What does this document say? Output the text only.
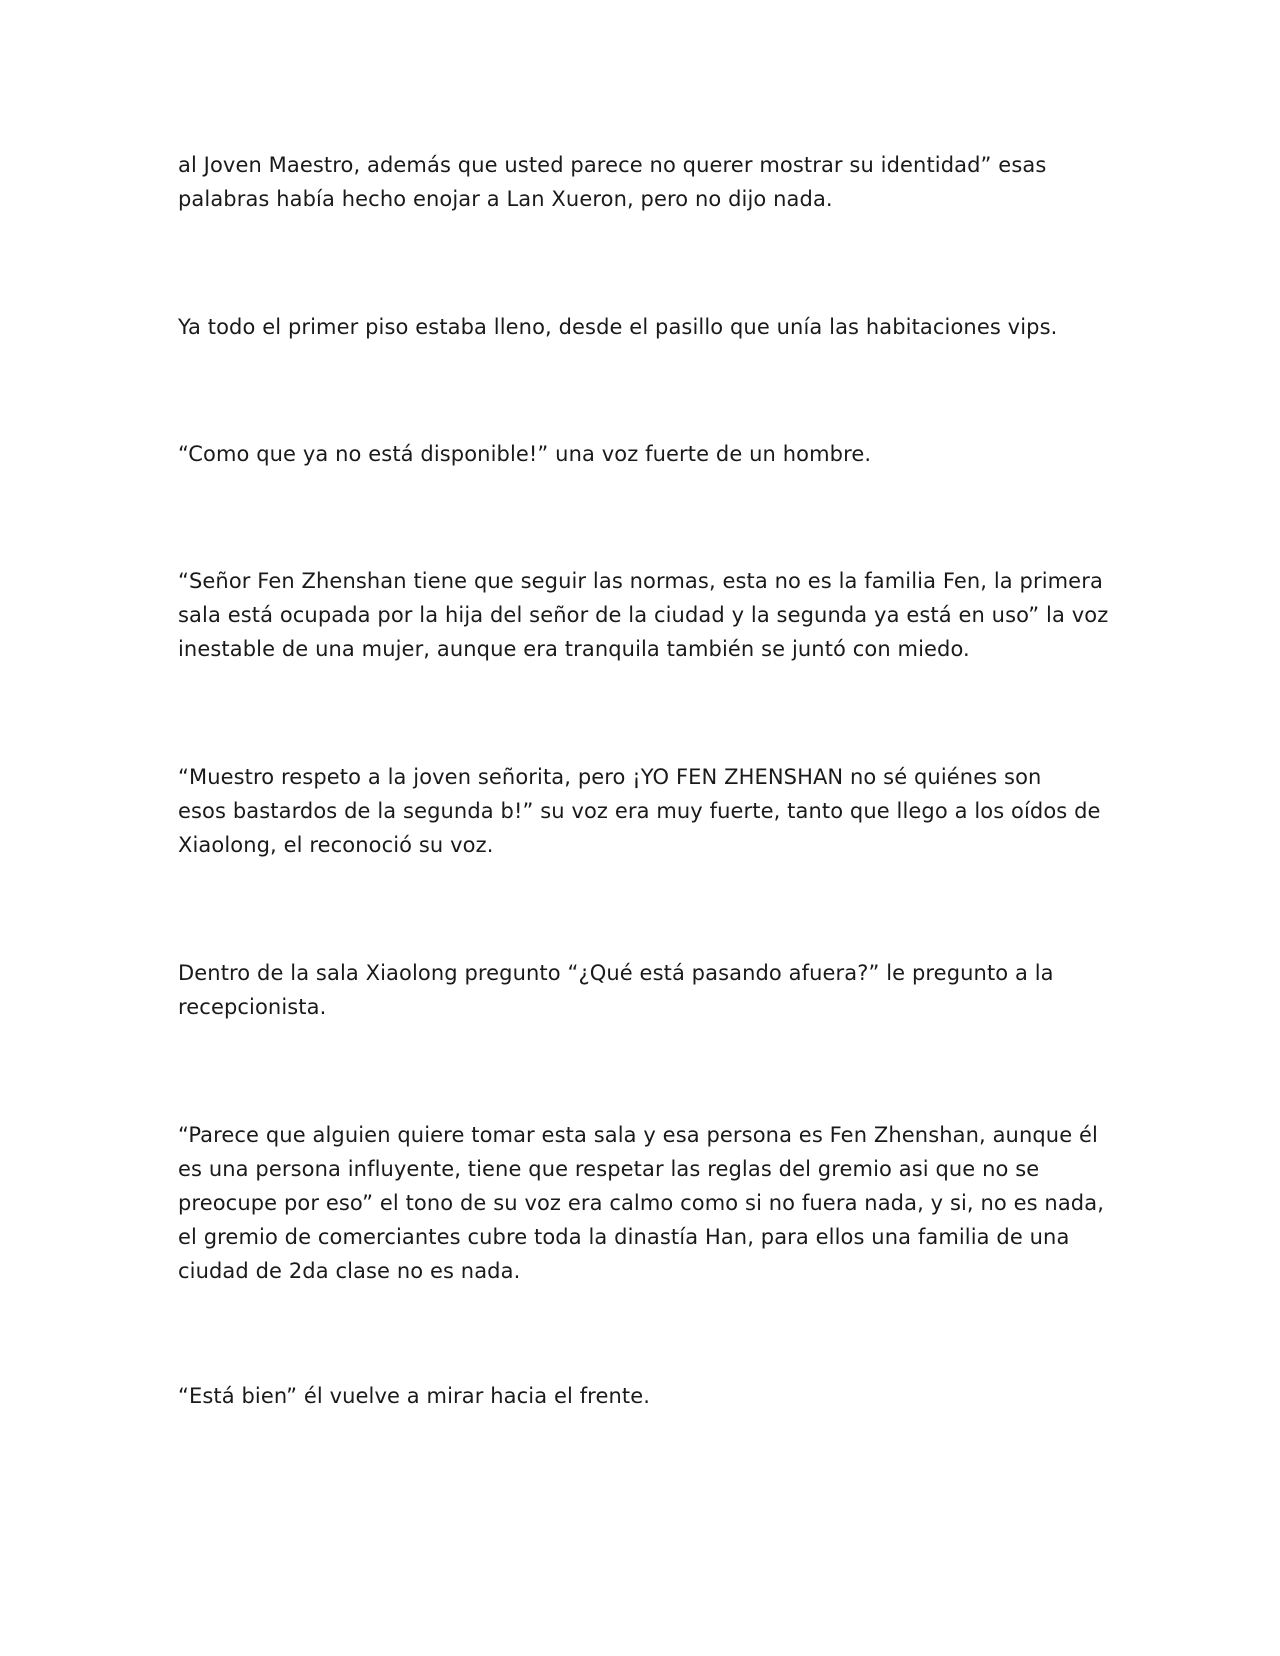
al Joven Maestro, además que usted parece no querer mostrar su identidad” esas
palabras había hecho enojar a Lan Xueron, pero no dijo nada.

Ya todo el primer piso estaba lleno, desde el pasillo que unía las habitaciones vips.

“Como que ya no está disponible!” una voz fuerte de un hombre.

“Señor Fen Zhenshan tiene que seguir las normas, esta no es la familia Fen, la primera
sala está ocupada por la hija del señor de la ciudad y la segunda ya está en uso” la voz
inestable de una mujer, aunque era tranquila también se juntó con miedo.

“Muestro respeto a la joven señorita, pero ¡YO FEN ZHENSHAN no sé quiénes son
esos bastardos de la segunda b!” su voz era muy fuerte, tanto que llego a los oídos de
Xiaolong, el reconoció su voz.

Dentro de la sala Xiaolong pregunto “¿Qué está pasando afuera?” le pregunto a la
recepcionista.

“Parece que alguien quiere tomar esta sala y esa persona es Fen Zhenshan, aunque él
es una persona influyente, tiene que respetar las reglas del gremio asi que no se
preocupe por eso” el tono de su voz era calmo como si no fuera nada, y si, no es nada,
el gremio de comerciantes cubre toda la dinastía Han, para ellos una familia de una
ciudad de 2da clase no es nada.

“Está bien” él vuelve a mirar hacia el frente.
